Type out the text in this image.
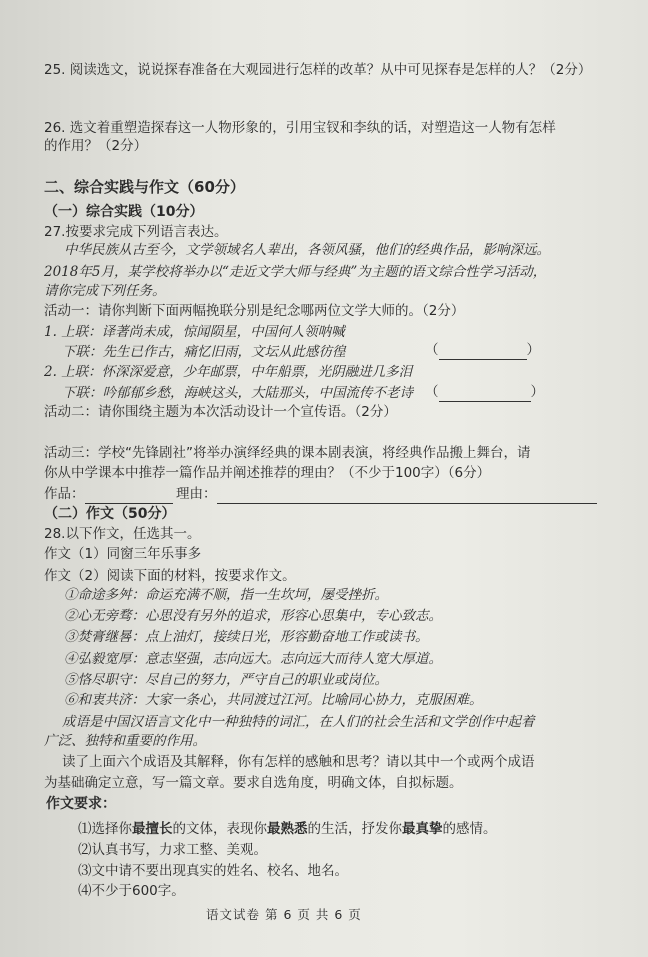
25. 阅读选文，说说探春准备在大观园进行怎样的改革？从中可见探春是怎样的人？（2分）
26. 选文着重塑造探春这一人物形象的，引用宝钗和李纨的话，对塑造这一人物有怎样
的作用？（2分）
二、综合实践与作文（60分）
（一）综合实践（10分）
27.按要求完成下列语言表达。
中华民族从古至今，文学领域名人辈出，各领风骚，他们的经典作品，影响深远。
2018年5月，某学校将举办以“走近文学大师与经典”为主题的语文综合性学习活动，
请你完成下列任务。
活动一：请你判断下面两幅挽联分别是纪念哪两位文学大师的。（2分）
1. 上联：译著尚未成，惊闻陨星，中国何人领呐喊
下联：先生已作古，痛忆旧雨，文坛从此感彷徨	（	）
2. 上联：怀深深爱意，少年邮票，中年船票，光阴融进几多泪
下联：吟郁郁乡愁，海峡这头，大陆那头，中国流传不老诗 （	）
活动二：请你围绕主题为本次活动设计一个宣传语。（2分）
活动三：学校“先锋剧社”将举办演绎经典的课本剧表演，将经典作品搬上舞台，请
你从中学课本中推荐一篇作品并阐述推荐的理由？（不少于100字）（6分）
作品：	理由：
（二）作文（50分）
28.以下作文，任选其一。
作文（1）同窗三年乐事多
作文（2）阅读下面的材料，按要求作文。
①命途多舛：命运充满不顺，指一生坎坷，屡受挫折。
②心无旁骛：心思没有另外的追求，形容心思集中，专心致志。
③焚膏继晷：点上油灯，接续日光，形容勤奋地工作或读书。
④弘毅宽厚：意志坚强，志向远大。志向远大而待人宽大厚道。
⑤恪尽职守：尽自己的努力，严守自己的职业或岗位。
⑥和衷共济：大家一条心，共同渡过江河。比喻同心协力，克服困难。
成语是中国汉语言文化中一种独特的词汇，在人们的社会生活和文学创作中起着
广泛、独特和重要的作用。
读了上面六个成语及其解释，你有怎样的感触和思考？请以其中一个或两个成语
为基础确定立意，写一篇文章。要求自选角度，明确文体，自拟标题。
作文要求：
⑴选择你最擅长的文体，表现你最熟悉的生活，抒发你最真挚的感情。
⑵认真书写，力求工整、美观。
⑶文中请不要出现真实的姓名、校名、地名。
⑷不少于600字。
语文试卷 第 6 页 共 6 页
